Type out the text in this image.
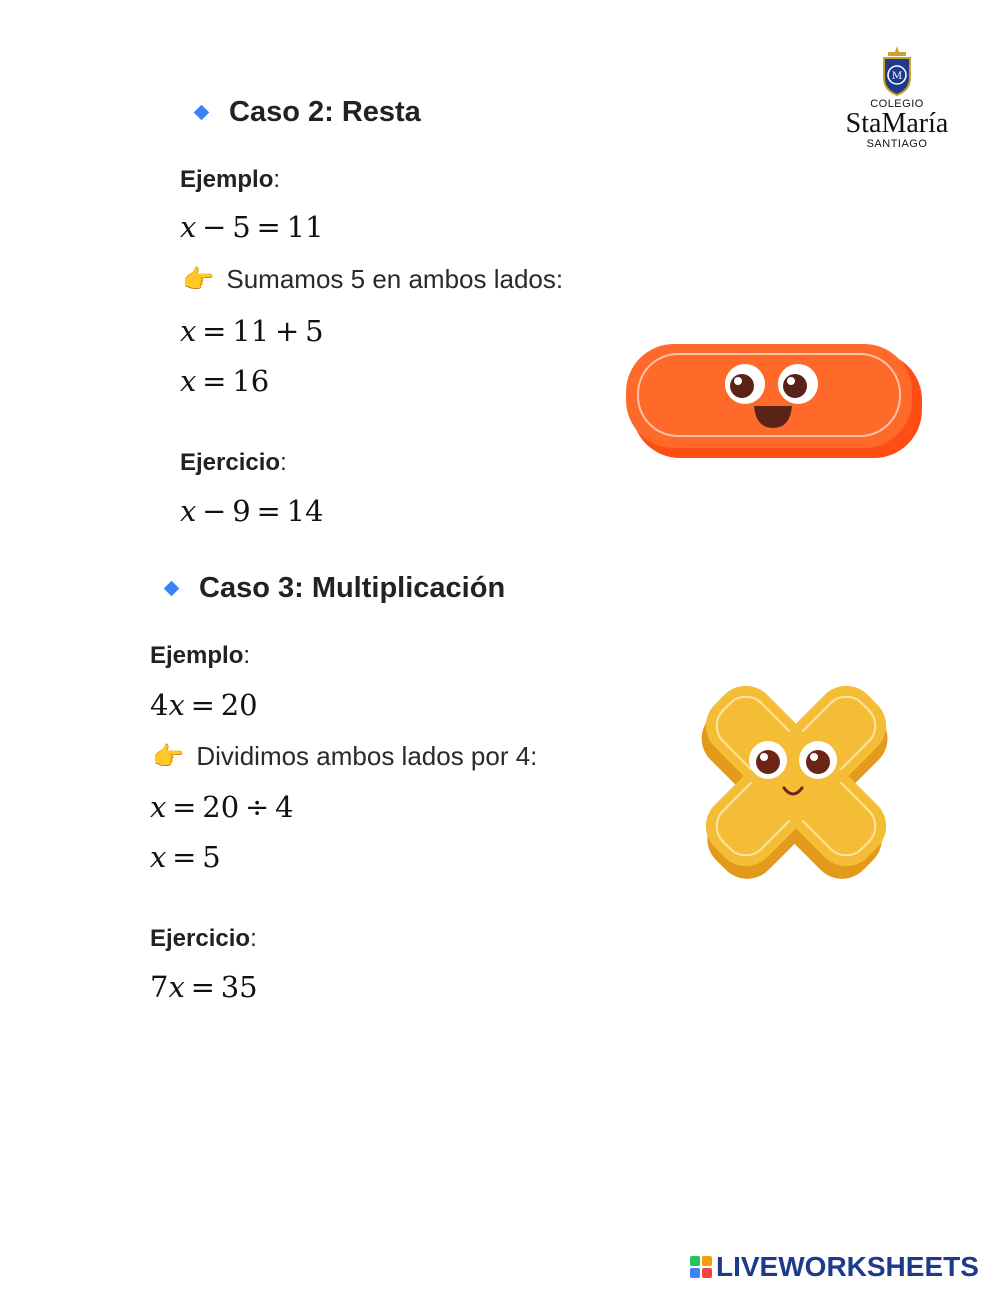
M
COLEGIO
StaMaría
SANTIAGO
Caso 2: Resta
Ejemplo:
x  −  5  =  11
👉 Sumamos 5 en ambos lados:
x  =  11  +  5
x  =  16
Ejercicio:
x  −  9  =  14
Caso 3: Multiplicación
Ejemplo:
4x  =  20
👉 Dividimos ambos lados por 4:
x  =  20  ÷  4
x  =  5
Ejercicio:
7x  =  35
LIVEWORKSHEETS
